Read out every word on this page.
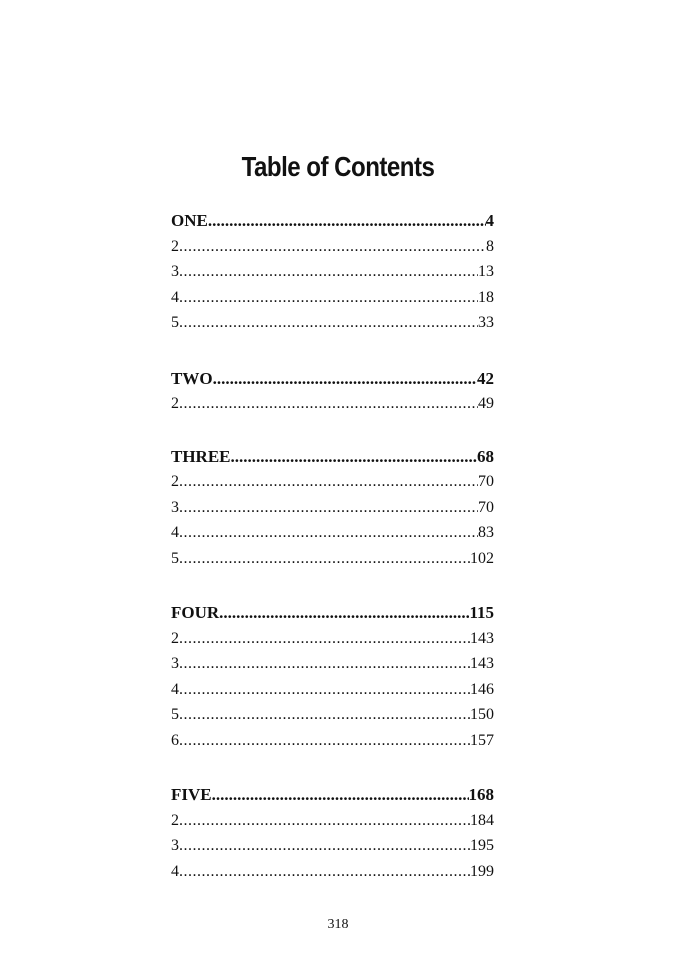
Table of Contents
ONE .....	4
2 .....	8
3 .....	13
4 .....	18
5 .....	33
TWO .....	42
2 .....	49
THREE .....	68
2 .....	70
3 .....	70
4 .....	83
5 .....	102
FOUR .....	115
2 .....	143
3 .....	143
4 .....	146
5 .....	150
6 .....	157
FIVE .....	168
2 .....	184
3 .....	195
4 .....	199
318
